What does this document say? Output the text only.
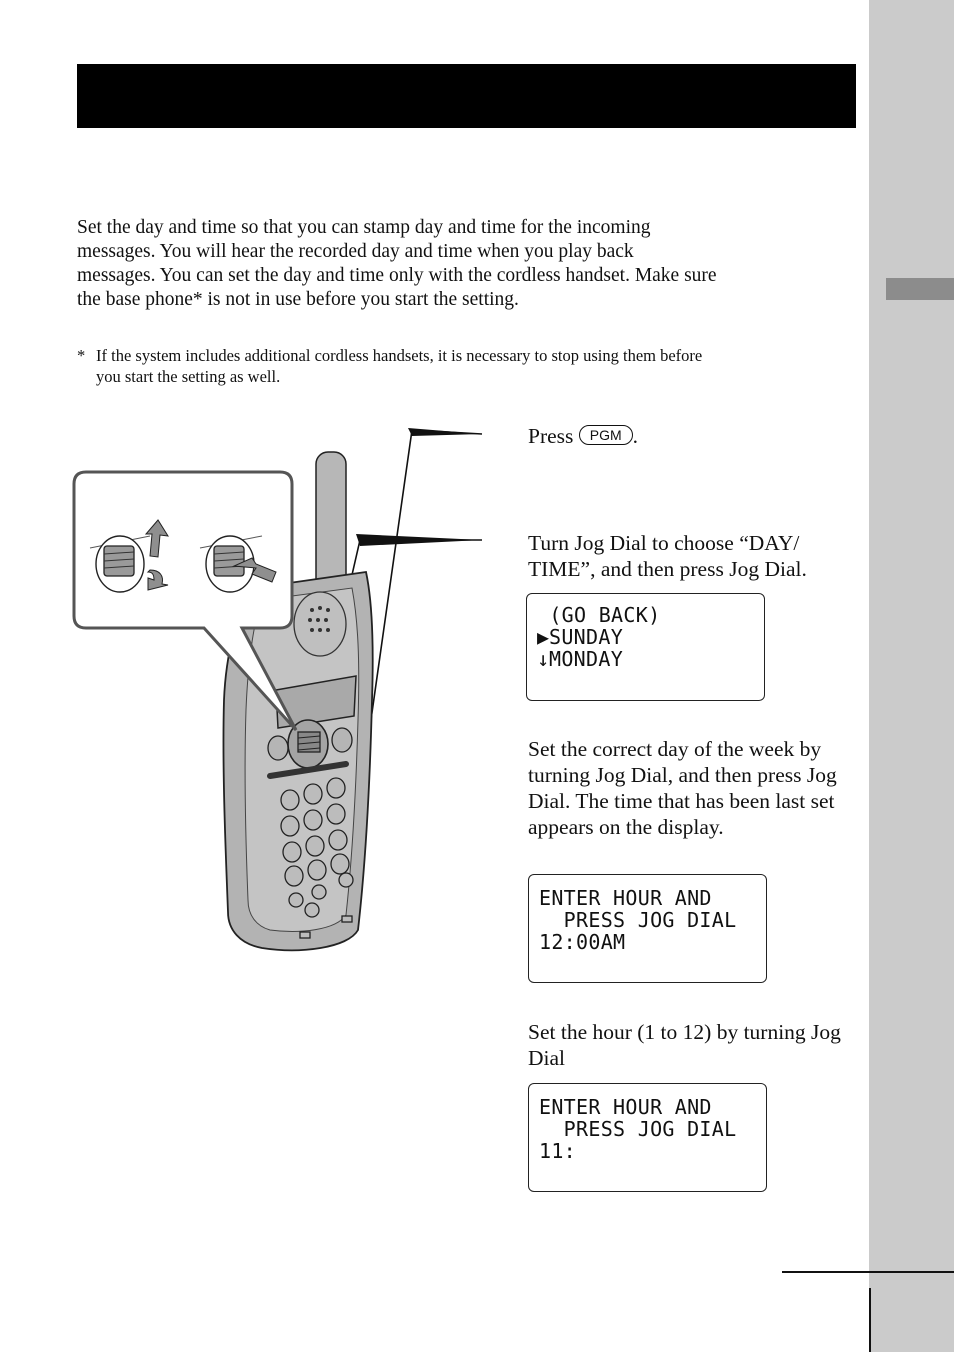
Set the day and time so that you can stamp day and time for the incoming messages. You will hear the recorded day and time when you play back messages. You can set the day and time only with the cordless handset. Make sure the base phone* is not in use before you start the setting.

* If the system includes additional cordless handsets, it is necessary to stop using them before you start the setting as well.

Press PGM .

Turn Jog Dial to choose “DAY/ TIME”, and then press Jog Dial.

(GO BACK)
▶SUNDAY
↓MONDAY

Set the correct day of the week by turning Jog Dial, and then press Jog Dial. The time that has been last set appears on the display.

ENTER HOUR AND
PRESS JOG DIAL
12:00AM

Set the hour (1 to 12) by turning Jog Dial

ENTER HOUR AND
PRESS JOG DIAL
11:
